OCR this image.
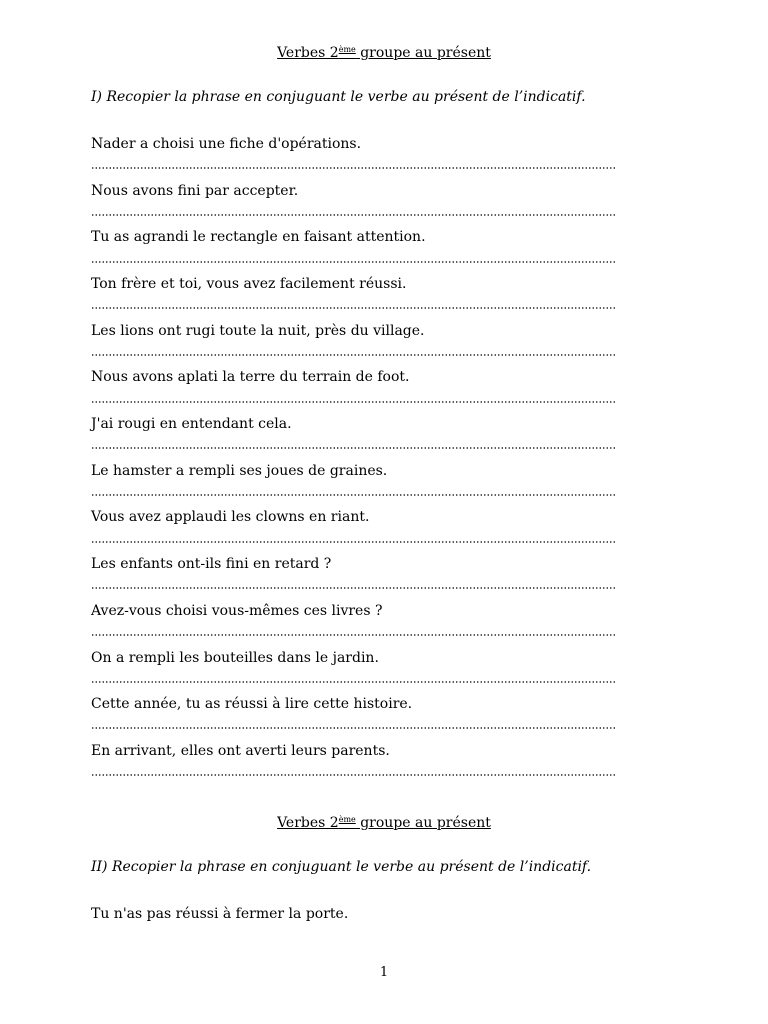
Verbes 2ème groupe au présent
I) Recopier la phrase en conjuguant le verbe au présent de l’indicatif.
Nader a choisi une fiche d'opérations.
Nous avons fini par accepter.
Tu as agrandi le rectangle en faisant attention.
Ton frère et toi, vous avez facilement réussi.
Les lions ont rugi toute la nuit, près du village.
Nous avons aplati la terre du terrain de foot.
J'ai rougi en entendant cela.
Le hamster a rempli ses joues de graines.
Vous avez applaudi les clowns en riant.
Les enfants ont-ils fini en retard ?
Avez-vous choisi vous-mêmes ces livres ?
On a rempli les bouteilles dans le jardin.
Cette année, tu as réussi à lire cette histoire.
En arrivant, elles ont averti leurs parents.
Verbes 2ème groupe au présent
II) Recopier la phrase en conjuguant le verbe au présent de l’indicatif.
Tu n'as pas réussi à fermer la porte.
1
